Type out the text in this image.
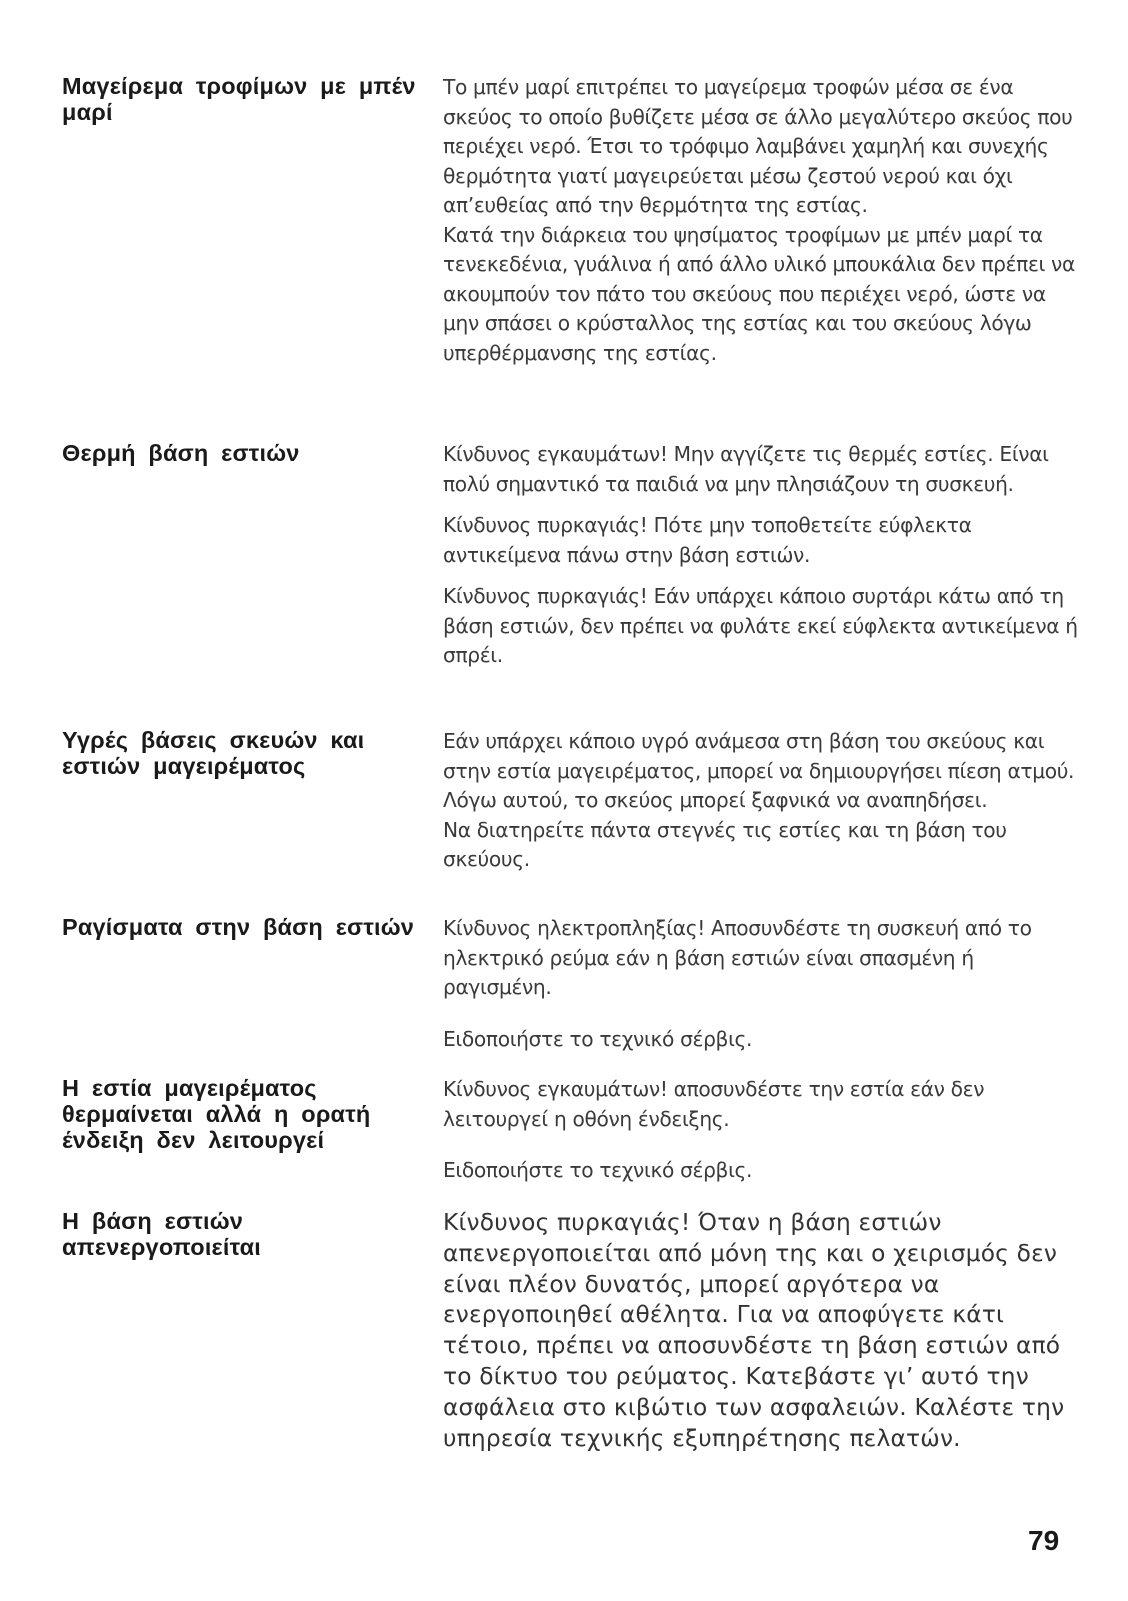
Μαγείρεμα τροφίμων με μπέν μαρί

Το μπέν μαρί επιτρέπει το μαγείρεμα τροφών μέσα σε ένα σκεύος το οποίο βυθίζετε μέσα σε άλλο μεγαλύτερο σκεύος που περιέχει νερό. Έτσι το τρόφιμο λαμβάνει χαμηλή και συνεχής θερμότητα γιατί μαγειρεύεται μέσω ζεστού νερού και όχι απ’ευθείας από την θερμότητα της εστίας.

Κατά την διάρκεια του ψησίματος τροφίμων με μπέν μαρί τα τενεκεδένια, γυάλινα ή από άλλο υλικό μπουκάλια δεν πρέπει να ακουμπούν τον πάτο του σκεύους που περιέχει νερό, ώστε να μην σπάσει ο κρύσταλλος της εστίας και του σκεύους λόγω υπερθέρμανσης της εστίας.

Θερμή βάση εστιών	Κίνδυνος εγκαυμάτων! Μην αγγίζετε τις θερμές εστίες. Είναι πολύ σημαντικό τα παιδιά να μην πλησιάζουν τη συσκευή.

Κίνδυνος πυρκαγιάς! Πότε μην τοποθετείτε εύφλεκτα αντικείμενα πάνω στην βάση εστιών.

Κίνδυνος πυρκαγιάς! Εάν υπάρχει κάποιο συρτάρι κάτω από τη βάση εστιών, δεν πρέπει να φυλάτε εκεί εύφλεκτα αντικείμενα ή σπρέι.

Υγρές βάσεις σκευών και εστιών μαγειρέματος

Εάν υπάρχει κάποιο υγρό ανάμεσα στη βάση του σκεύους και στην εστία μαγειρέματος, μπορεί να δημιουργήσει πίεση ατμού. Λόγω αυτού, το σκεύος μπορεί ξαφνικά να αναπηδήσει.

Να διατηρείτε πάντα στεγνές τις εστίες και τη βάση του σκεύους.

Ραγίσματα στην βάση εστιών	Κίνδυνος ηλεκτροπληξίας! Αποσυνδέστε τη συσκευή από το ηλεκτρικό ρεύμα εάν η βάση εστιών είναι σπασμένη ή ραγισμένη.

Ειδοποιήστε το τεχνικό σέρβις.

Η εστία μαγειρέματος θερμαίνεται αλλά η ορατή ένδειξη δεν λειτουργεί

Κίνδυνος εγκαυμάτων! αποσυνδέστε την εστία εάν δεν λειτουργεί η οθόνη ένδειξης.

Ειδοποιήστε το τεχνικό σέρβις.

Η βάση εστιών απενεργοποιείται

Κίνδυνος πυρκαγιάς! Όταν η βάση εστιών απενεργοποιείται από μόνη της και ο χειρισμός δεν είναι πλέον δυνατός, μπορεί αργότερα να ενεργοποιηθεί αθέλητα. Για να αποφύγετε κάτι τέτοιο, πρέπει να αποσυνδέστε τη βάση εστιών από το δίκτυο του ρεύματος. Κατεβάστε γι’ αυτό την ασφάλεια στο κιβώτιο των ασφαλειών. Καλέστε την υπηρεσία τεχνικής εξυπηρέτησης πελατών.

79
